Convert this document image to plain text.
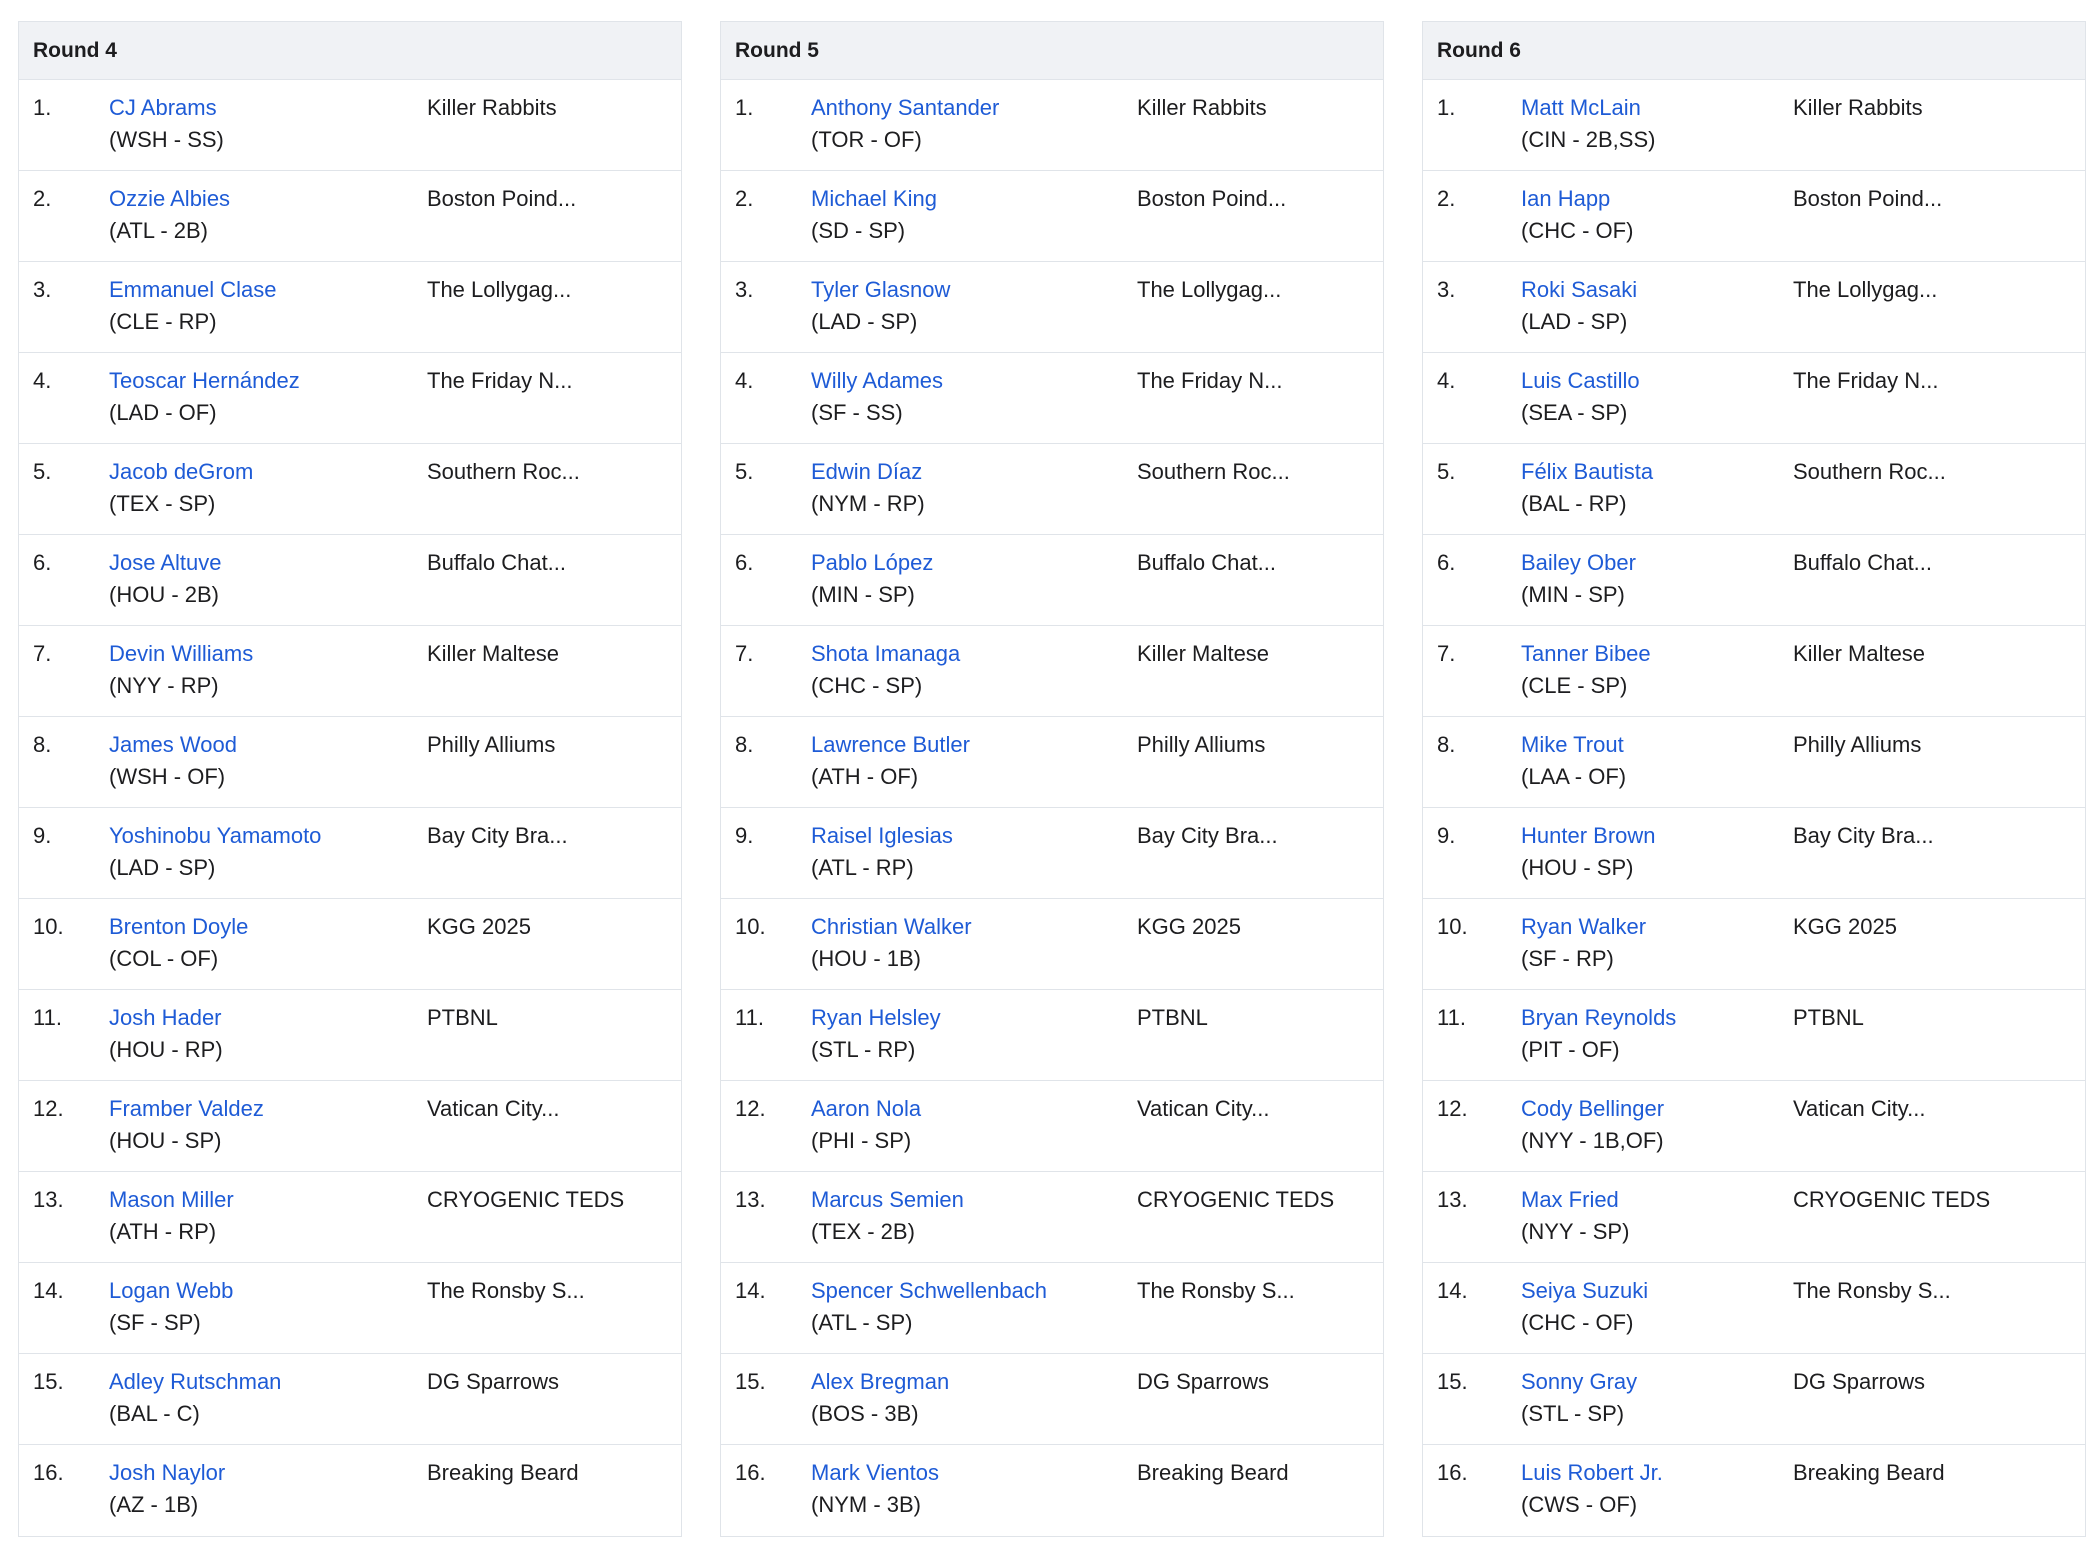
Round 4
1.	CJ Abrams
(WSH - SS)
Killer Rabbits
2.	Ozzie Albies
(ATL - 2B)
Boston Poind...
3.	Emmanuel Clase
(CLE - RP)
The Lollygag...
4.	Teoscar Hernández
(LAD - OF)
The Friday N...
5.	Jacob deGrom
(TEX - SP)
Southern Roc...
6.	Jose Altuve
(HOU - 2B)
Buffalo Chat...
7.	Devin Williams
(NYY - RP)
Killer Maltese
8.	James Wood
(WSH - OF)
Philly Alliums
9.	Yoshinobu Yamamoto
(LAD - SP)
Bay City Bra...
10. Brenton Doyle
(COL - OF)
KGG 2025
11. Josh Hader
(HOU - RP)
PTBNL
12. Framber Valdez
(HOU - SP)
Vatican City...
13. Mason Miller
(ATH - RP)
CRYOGENIC TEDS
14. Logan Webb
(SF - SP)
The Ronsby S...
15. Adley Rutschman
(BAL - C)
DG Sparrows
16. Josh Naylor
(AZ - 1B)
Breaking Beard
Round 5
1.	Anthony Santander
(TOR - OF)
Killer Rabbits
2.	Michael King
(SD - SP)
Boston Poind...
3.	Tyler Glasnow
(LAD - SP)
The Lollygag...
4.	Willy Adames
(SF - SS)
The Friday N...
5.	Edwin Díaz
(NYM - RP)
Southern Roc...
6.	Pablo López
(MIN - SP)
Buffalo Chat...
7.	Shota Imanaga
(CHC - SP)
Killer Maltese
8.	Lawrence Butler
(ATH - OF)
Philly Alliums
9.	Raisel Iglesias
(ATL - RP)
Bay City Bra...
10. Christian Walker
(HOU - 1B)
KGG 2025
11. Ryan Helsley
(STL - RP)
PTBNL
12. Aaron Nola
(PHI - SP)
Vatican City...
13. Marcus Semien
(TEX - 2B)
CRYOGENIC TEDS
14. Spencer Schwellenbach
(ATL - SP)
The Ronsby S...
15. Alex Bregman
(BOS - 3B)
DG Sparrows
16. Mark Vientos
(NYM - 3B)
Breaking Beard
Round 6
1.	Matt McLain
(CIN - 2B,SS)
Killer Rabbits
2.	Ian Happ
(CHC - OF)
Boston Poind...
3.	Roki Sasaki
(LAD - SP)
The Lollygag...
4.	Luis Castillo
(SEA - SP)
The Friday N...
5.	Félix Bautista
(BAL - RP)
Southern Roc...
6.	Bailey Ober
(MIN - SP)
Buffalo Chat...
7.	Tanner Bibee
(CLE - SP)
Killer Maltese
8.	Mike Trout
(LAA - OF)
Philly Alliums
9.	Hunter Brown
(HOU - SP)
Bay City Bra...
10. Ryan Walker
(SF - RP)
KGG 2025
11.	Bryan Reynolds
(PIT - OF)
PTBNL
12. Cody Bellinger
(NYY - 1B,OF)
Vatican City...
13. Max Fried
(NYY - SP)
CRYOGENIC TEDS
14. Seiya Suzuki
(CHC - OF)
The Ronsby S...
15. Sonny Gray
(STL - SP)
DG Sparrows
16. Luis Robert Jr.
(CWS - OF)
Breaking Beard
